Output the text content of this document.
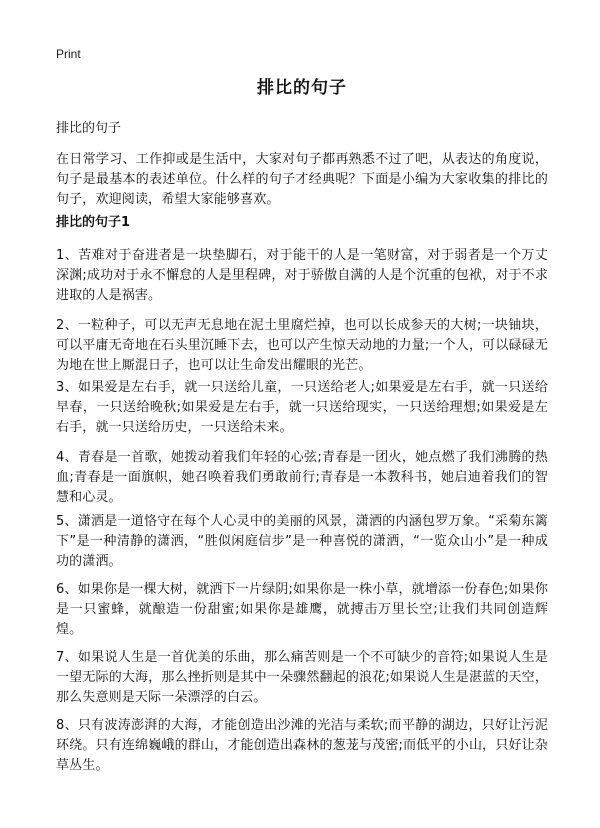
Print
排比的句子
排比的句子
在日常学习、工作抑或是生活中，大家对句子都再熟悉不过了吧，从表达的角度说，句子是最基本的表述单位。什么样的句子才经典呢？下面是小编为大家收集的排比的句子，欢迎阅读，希望大家能够喜欢。
排比的句子1
1、苦难对于奋进者是一块垫脚石，对于能干的人是一笔财富，对于弱者是一个万丈深渊;成功对于永不懈怠的人是里程碑，对于骄傲自满的人是个沉重的包袱，对于不求进取的人是祸害。
2、一粒种子，可以无声无息地在泥土里腐烂掉，也可以长成参天的大树;一块铀块，可以平庸无奇地在石头里沉睡下去，也可以产生惊天动地的力量;一个人，可以碌碌无为地在世上厮混日子，也可以让生命发出耀眼的光芒。
3、如果爱是左右手，就一只送给儿童，一只送给老人;如果爱是左右手，就一只送给早春，一只送给晚秋;如果爱是左右手，就一只送给现实，一只送给理想;如果爱是左右手，就一只送给历史，一只送给未来。
4、青春是一首歌，她拨动着我们年轻的心弦;青春是一团火，她点燃了我们沸腾的热血;青春是一面旗帜，她召唤着我们勇敢前行;青春是一本教科书，她启迪着我们的智慧和心灵。
5、潇洒是一道恪守在每个人心灵中的美丽的风景，潇洒的内涵包罗万象。“采菊东篱下”是一种清静的潇洒，“胜似闲庭信步”是一种喜悦的潇洒，“一览众山小”是一种成功的潇洒。
6、如果你是一棵大树，就洒下一片绿阴;如果你是一株小草，就增添一份春色;如果你是一只蜜蜂，就酿造一份甜蜜;如果你是雄鹰，就搏击万里长空;让我们共同创造辉煌。
7、如果说人生是一首优美的乐曲，那么痛苦则是一个不可缺少的音符;如果说人生是一望无际的大海，那么挫折则是其中一朵骤然翻起的浪花;如果说人生是湛蓝的天空，那么失意则是天际一朵漂浮的白云。
8、只有波涛澎湃的大海，才能创造出沙滩的光洁与柔软;而平静的湖边，只好让污泥环绕。只有连绵巍峨的群山，才能创造出森林的葱茏与茂密;而低平的小山，只好让杂草丛生。
